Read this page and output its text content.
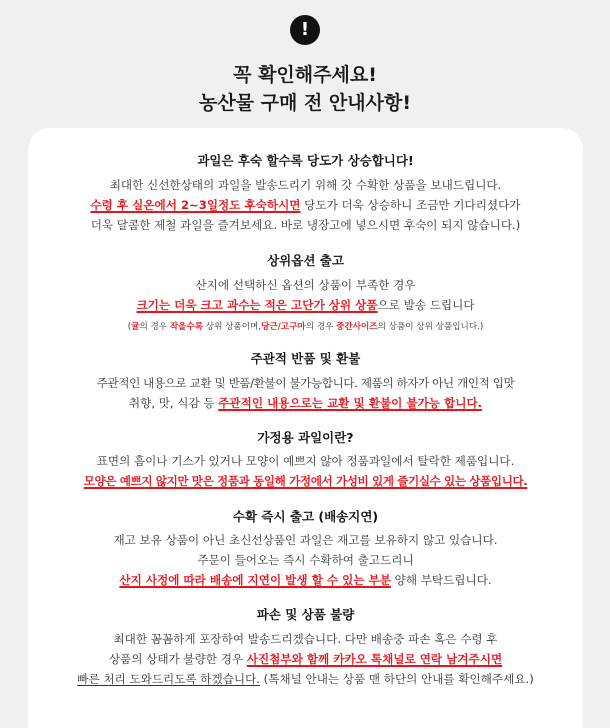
!
꼭 확인해주세요!
농산물 구매 전 안내사항!
과일은 후숙 할수록 당도가 상승합니다!
최대한 신선한상태의 과일을 발송드리기 위해 갓 수확한 상품을 보내드립니다.
수령 후 실온에서 2~3일정도 후숙하시면 당도가 더욱 상승하니 조금만 기다리셨다가
더욱 달콤한 제철 과일을 즐겨보세요. 바로 냉장고에 넣으시면 후숙이 되지 않습니다.)
상위옵션 출고
산지에 선택하신 옵션의 상품이 부족한 경우
크기는 더욱 크고 과수는 적은 고단가 상위 상품으로 발송 드립니다
(귤의 경우 작을수록 상위 상품이며,당근/고구마의 경우 중간사이즈의 상품이 상위 상품입니다.)
주관적 반품 및 환불
주관적인 내용으로 교환 및 반품/환불이 불가능합니다. 제품의 하자가 아닌 개인적 입맛
취향, 맛, 식감 등 주관적인 내용으로는 교환 및 환불이 불가능 합니다.
가정용 과일이란?
표면의 흠이나 기스가 있거나 모양이 예쁘지 않아 정품과일에서 탈락한 제품입니다.
모양은 예쁘지 않지만 맛은 정품과 동일해 가정에서 가성비 있게 즐기실수 있는 상품입니다.
수확 즉시 출고 (배송지연)
재고 보유 상품이 아닌 초신선상품인 과일은 재고를 보유하지 않고 있습니다.
주문이 들어오는 즉시 수확하여 출고드리니
산지 사정에 따라 배송에 지연이 발생 할 수 있는 부분 양해 부탁드립니다.
파손 및 상품 불량
최대한 꼼꼼하게 포장하여 발송드리겠습니다. 다만 배송중 파손 혹은 수령 후
상품의 상태가 불량한 경우 사진첨부와 함께 카카오 톡채널로 연락 남겨주시면
빠른 처리 도와드리도록 하겠습니다. (톡채널 안내는 상품 맨 하단의 안내를 확인해주세요.)
